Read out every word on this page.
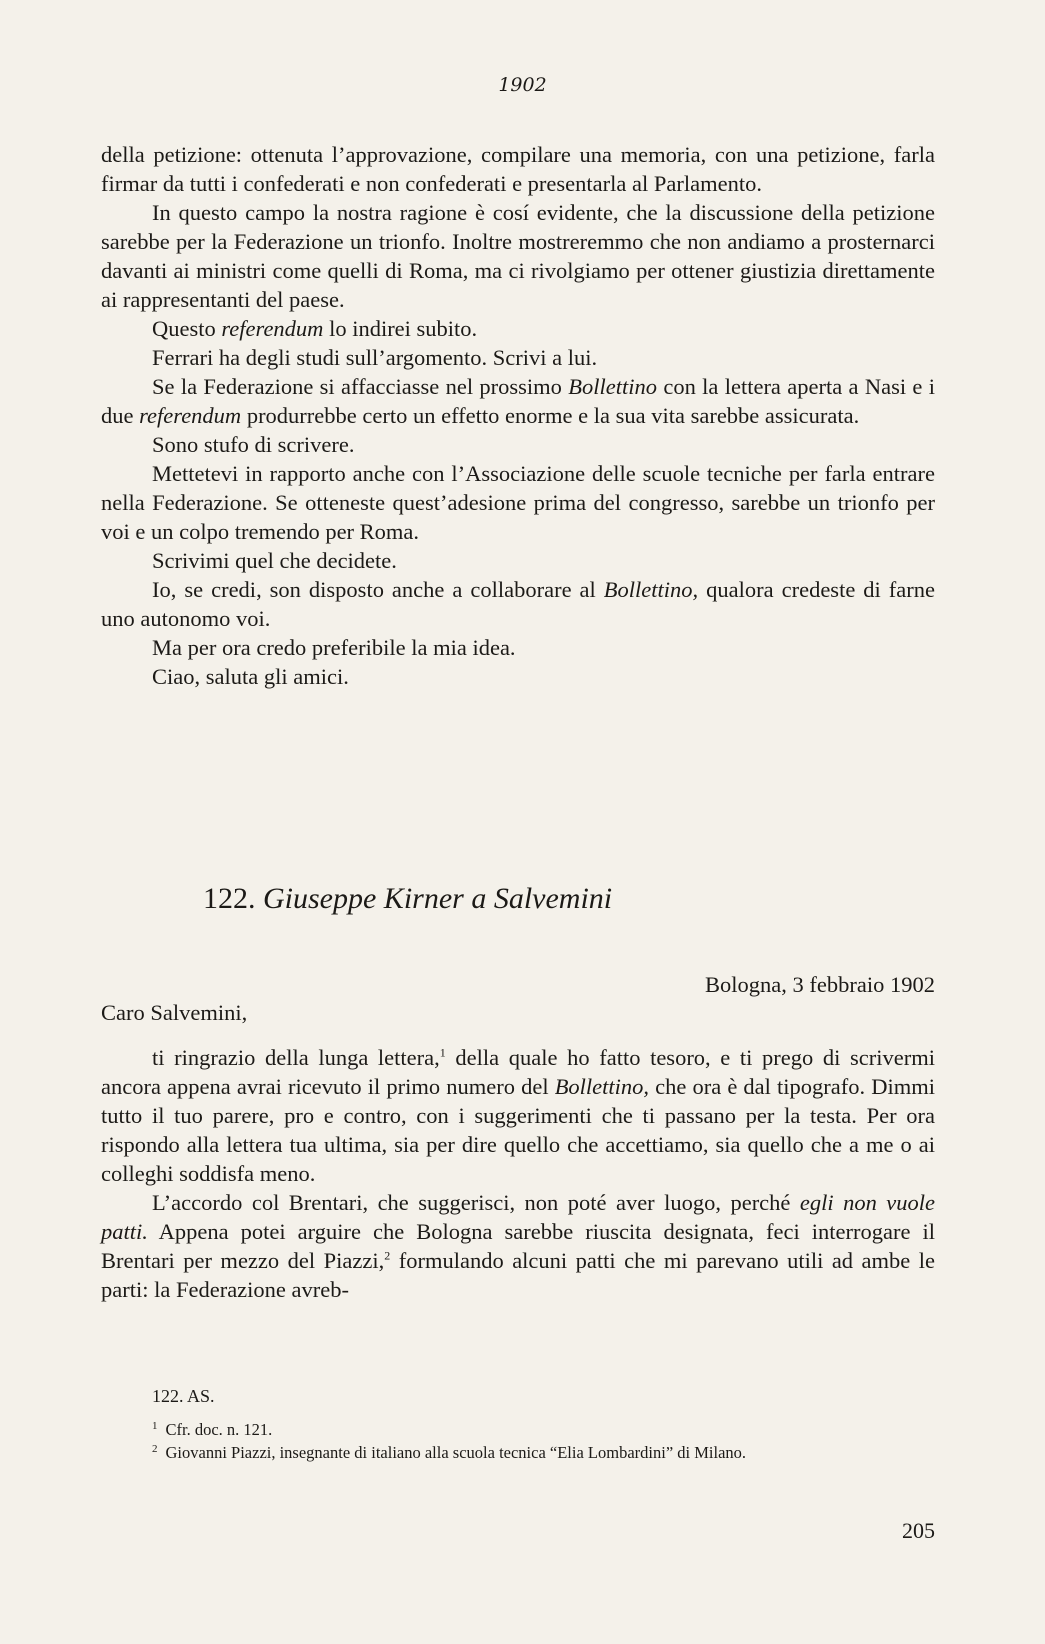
1902

della petizione: ottenuta l’approvazione, compilare una memoria, con una petizione, farla firmar da tutti i confederati e non confederati e presentarla al Parlamento.

In questo campo la nostra ragione è cosí evidente, che la discussione della petizione sarebbe per la Federazione un trionfo. Inoltre mostreremmo che non andiamo a prosternarci davanti ai ministri come quelli di Roma, ma ci rivolgiamo per ottener giustizia direttamente ai rappresentanti del paese.

Questo referendum lo indirei subito.

Ferrari ha degli studi sull’argomento. Scrivi a lui.

Se la Federazione si affacciasse nel prossimo Bollettino con la lettera aperta a Nasi e i due referendum produrrebbe certo un effetto enorme e la sua vita sarebbe assicurata.

Sono stufo di scrivere.

Mettetevi in rapporto anche con l’Associazione delle scuole tecniche per farla entrare nella Federazione. Se otteneste quest’adesione prima del congresso, sarebbe un trionfo per voi e un colpo tremendo per Roma.

Scrivimi quel che decidete.

Io, se credi, son disposto anche a collaborare al Bollettino, qualora credeste di farne uno autonomo voi.

Ma per ora credo preferibile la mia idea.

Ciao, saluta gli amici.

122. Giuseppe Kirner a Salvemini
Bologna, 3 febbraio 1902
Caro Salvemini,

ti ringrazio della lunga lettera,$^1$ della quale ho fatto tesoro, e ti prego di scrivermi ancora appena avrai ricevuto il primo numero del Bollettino, che ora è dal tipografo. Dimmi tutto il tuo parere, pro e contro, con i suggerimenti che ti passano per la testa. Per ora rispondo alla lettera tua ultima, sia per dire quello che accettiamo, sia quello che a me o ai colleghi soddisfa meno.

L’accordo col Brentari, che suggerisci, non poté aver luogo, perché egli non vuole patti. Appena potei arguire che Bologna sarebbe riuscita designata, feci interrogare il Brentari per mezzo del Piazzi,$^2$ formulando alcuni patti che mi parevano utili ad ambe le parti: la Federazione avreb-

122. AS.
$^1$ Cfr. doc. n. 121.
$^2$ Giovanni Piazzi, insegnante di italiano alla scuola tecnica “Elia Lombardini” di Milano.
205
